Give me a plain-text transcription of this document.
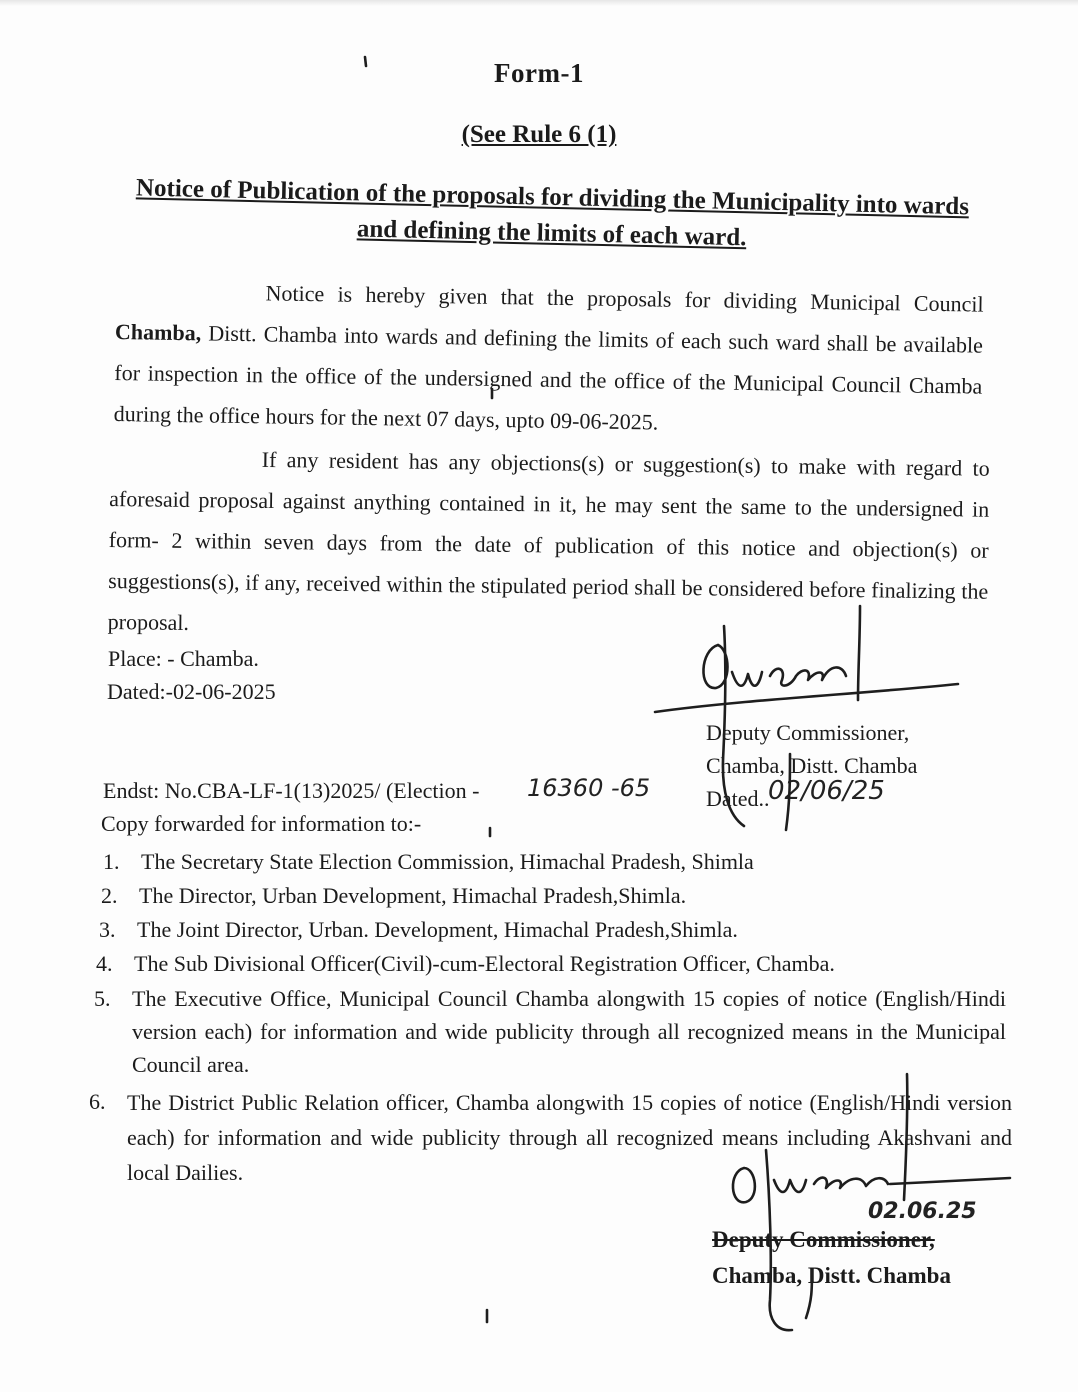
Form-1
(See Rule 6 (1)
Notice of Publication of the proposals for dividing the Municipality into wards and defining the limits of each ward.
Notice is hereby given that the proposals for dividing Municipal Council Chamba, Distt. Chamba into wards and defining the limits of each such ward shall be available for inspection in the office of the undersigned and the office of the Municipal Council Chamba during the office hours for the next 07 days, upto 09-06-2025.
If any resident has any objections(s) or suggestion(s) to make with regard to aforesaid proposal against anything contained in it, he may sent the same to the undersigned in form- 2 within seven days from the date of publication of this notice and objection(s) or suggestions(s), if any, received within the stipulated period shall be considered before finalizing the proposal.
Place: - Chamba.
Dated:-02-06-2025
Deputy Commissioner,
Chamba, Distt. Chamba
Dated..
02/06/25
Endst: No.CBA-LF-1(13)2025/ (Election - 16360 -65
Copy forwarded for information to:-
1. The Secretary State Election Commission, Himachal Pradesh, Shimla
2. The Director, Urban Development, Himachal Pradesh,Shimla.
3. The Joint Director, Urban. Development, Himachal Pradesh,Shimla.
4. The Sub Divisional Officer(Civil)-cum-Electoral Registration Officer, Chamba.
5. The Executive Office, Municipal Council Chamba alongwith 15 copies of notice (English/Hindi version each) for information and wide publicity through all recognized means in the Municipal Council area.
6. The District Public Relation officer, Chamba alongwith 15 copies of notice (English/Hindi version each) for information and wide publicity through all recognized means including Akashvani and local Dailies.
02.06.25
Deputy Commissioner,
Chamba, Distt. Chamba
